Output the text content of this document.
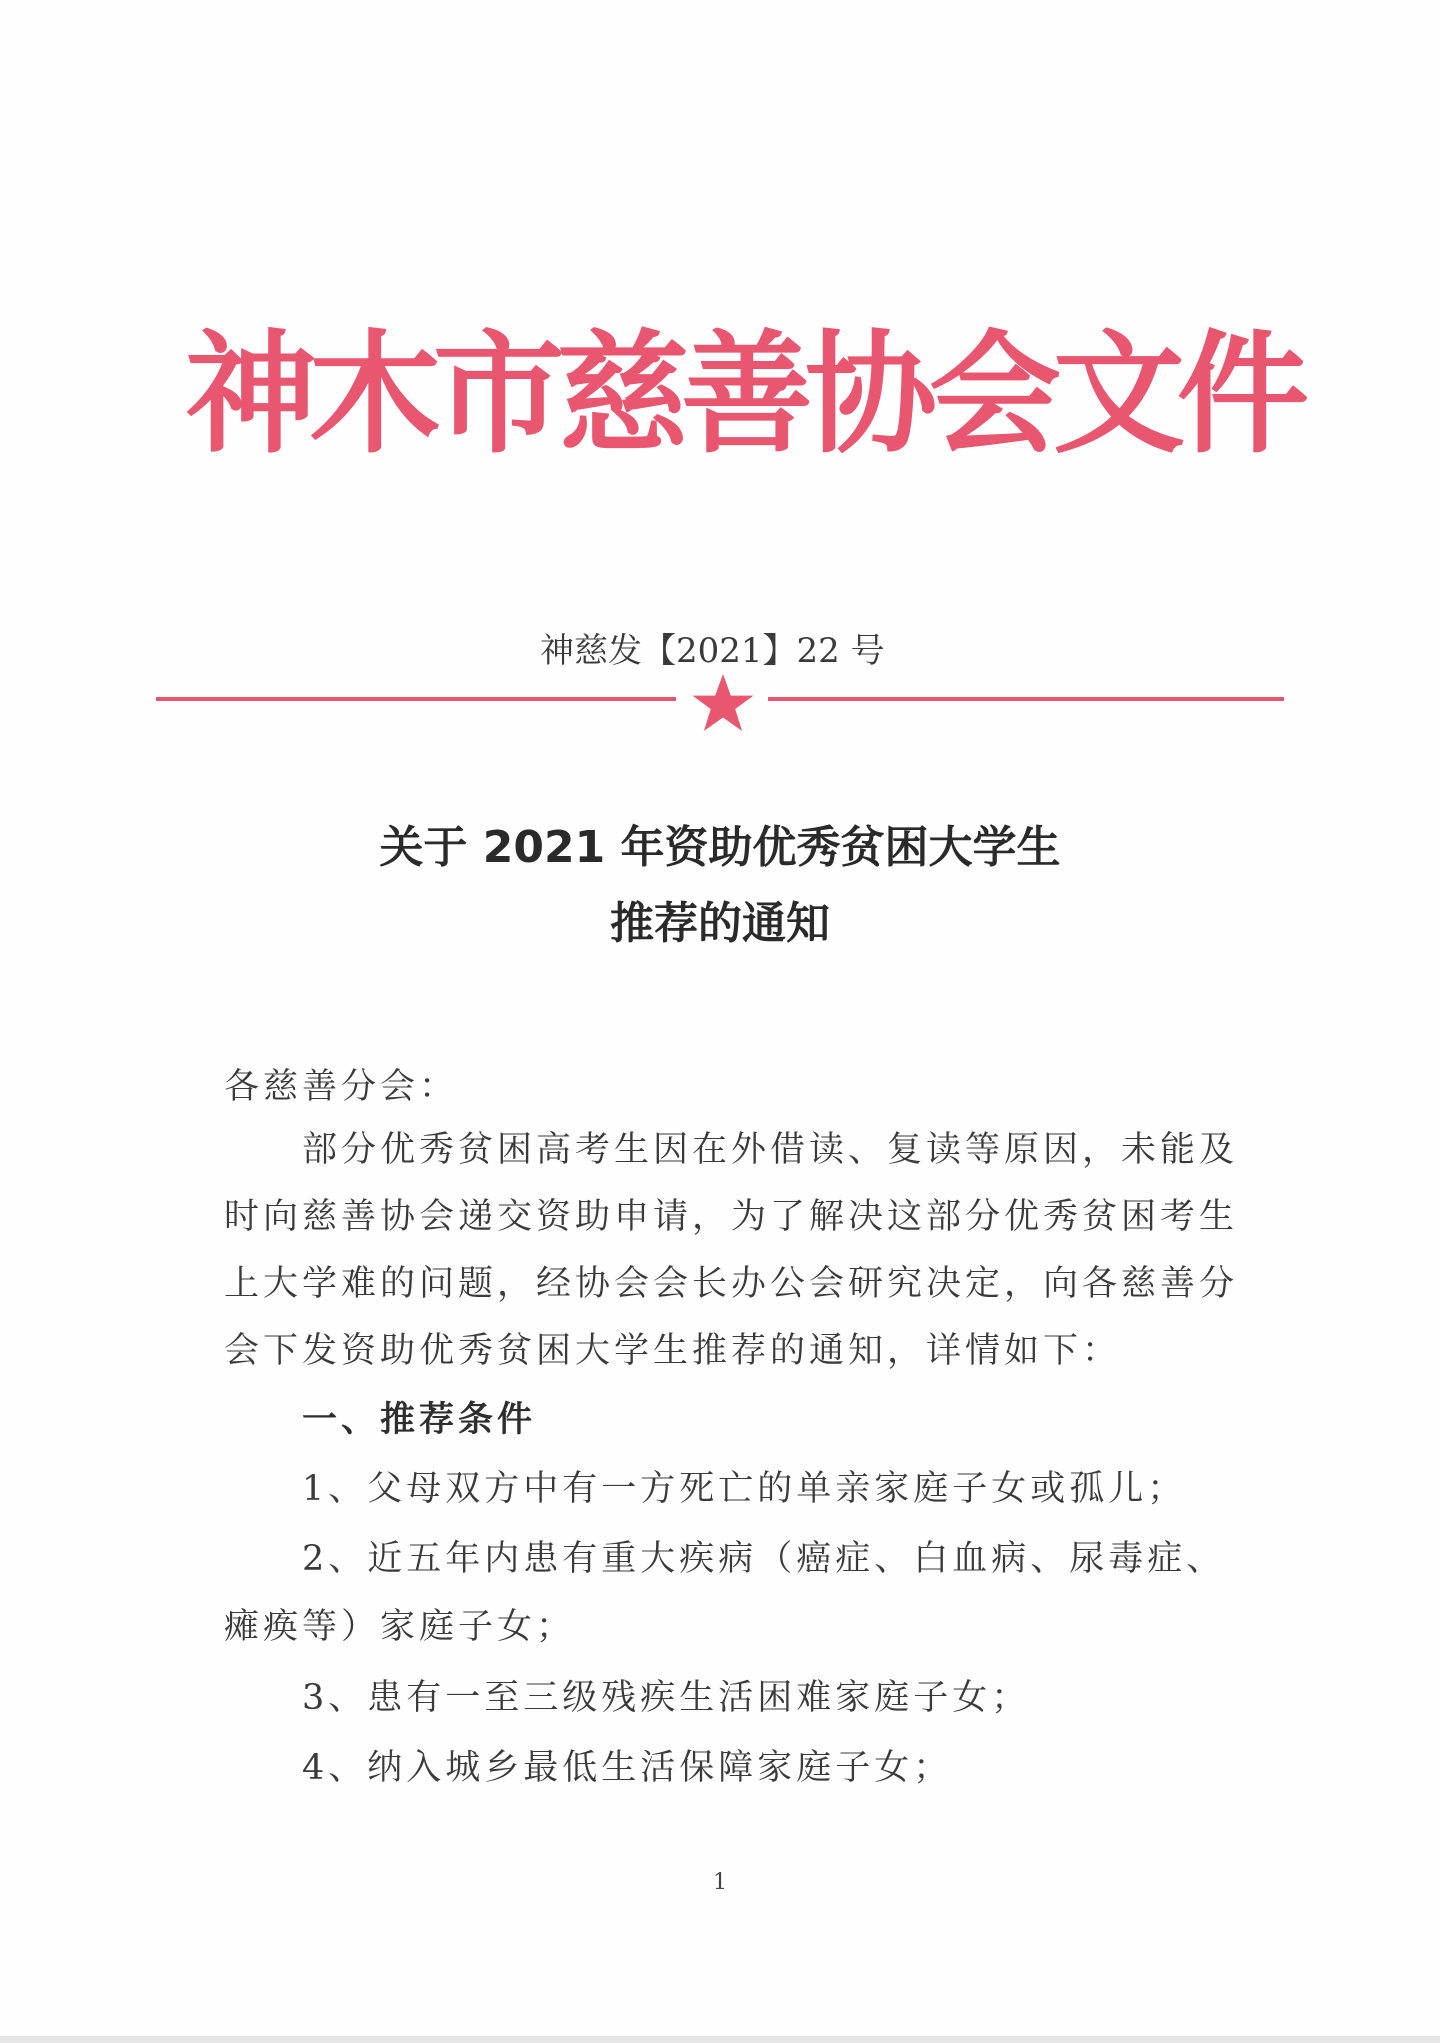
神木市慈善协会文件
神慈发【2021】22 号
关于 2021 年资助优秀贫困大学生
推荐的通知
各慈善分会：
部分优秀贫困高考生因在外借读、复读等原因，未能及
时向慈善协会递交资助申请，为了解决这部分优秀贫困考生
上大学难的问题，经协会会长办公会研究决定，向各慈善分
会下发资助优秀贫困大学生推荐的通知，详情如下：
一、推荐条件
1、父母双方中有一方死亡的单亲家庭子女或孤儿；
2、近五年内患有重大疾病（癌症、白血病、尿毒症、
瘫痪等）家庭子女；
3、患有一至三级残疾生活困难家庭子女；
4、纳入城乡最低生活保障家庭子女；
1
